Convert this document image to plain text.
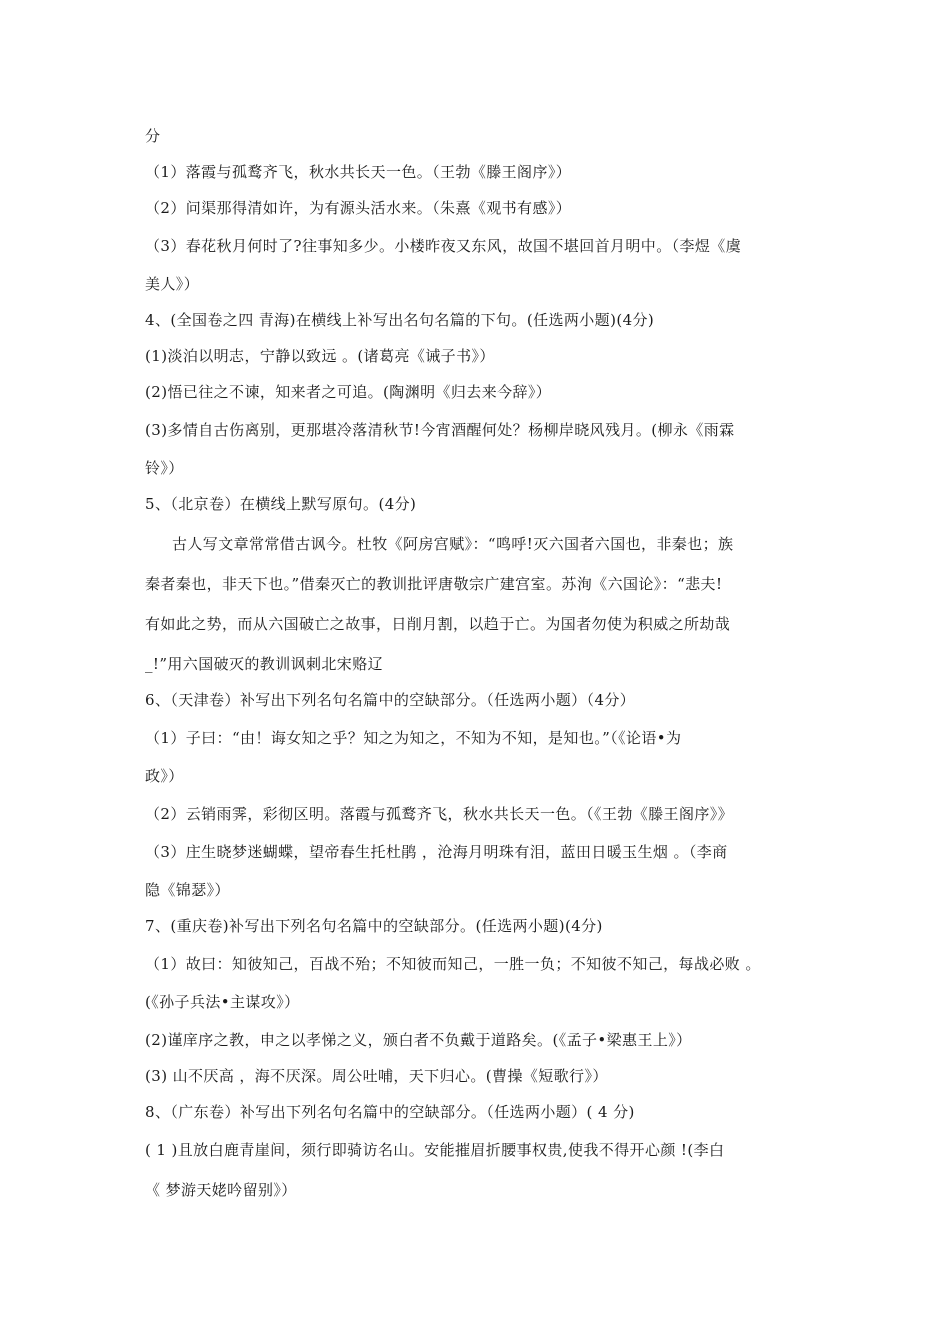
分
（1）落霞与孤鹜齐飞，秋水共长天一色。（王勃《滕王阁序》）
（2）问渠那得清如许，为有源头活水来。（朱熹《观书有感》）
（3）春花秋月何时了?往事知多少。小楼昨夜又东风，故国不堪回首月明中。（李煜《虞
美人》）
4、(全国卷之四 青海)在横线上补写出名句名篇的下句。(任选两小题)(4分)
(1)淡泊以明志，宁静以致远 。(诸葛亮《诫子书》）
(2)悟已往之不谏，知来者之可追。(陶渊明《归去来今辞》）
(3)多情自古伤离别，更那堪冷落清秋节!今宵酒醒何处？杨柳岸晓风残月。(柳永《雨霖
铃》）
5、（北京卷）在横线上默写原句。(4分)
古人写文章常常借古讽今。杜牧《阿房宫赋》：“鸣呼!灭六国者六国也，非秦也；族
秦者秦也，非天下也。”借秦灭亡的教训批评唐敬宗广建宫室。苏洵《六国论》：“悲夫!
有如此之势，而从六国破亡之故事，日削月割，以趋于亡。为国者勿使为积威之所劫哉
_!”用六国破灭的教训讽刺北宋赂辽
6、（天津卷）补写出下列名句名篇中的空缺部分。（任选两小题）（4分）
（1）子曰：“由！诲女知之乎？知之为知之，不知为不知，是知也。”（《论语•为
政》）
（2）云销雨霁，彩彻区明。落霞与孤鹜齐飞，秋水共长天一色。（《王勃《滕王阁序》》
（3）庄生晓梦迷蝴蝶，望帝春生托杜鹃 ，沧海月明珠有泪，蓝田日暖玉生烟 。（李商
隐《锦瑟》）
7、(重庆卷)补写出下列名句名篇中的空缺部分。(任选两小题)(4分)
（1）故曰：知彼知己，百战不殆；不知彼而知己，一胜一负；不知彼不知己，每战必败 。
(《孙子兵法•主谋攻》）
(2)谨庠序之教，申之以孝悌之义，颁白者不负戴于道路矣。(《孟子•梁惠王上》）
(3) 山不厌高 ，海不厌深。周公吐哺，天下归心。(曹操《短歌行》）
8、（广东卷）补写出下列名句名篇中的空缺部分。（任选两小题）( 4 分)
( 1 )且放白鹿青崖间，须行即骑访名山。安能摧眉折腰事权贵,使我不得开心颜 !(李白
《 梦游天姥吟留别》）
